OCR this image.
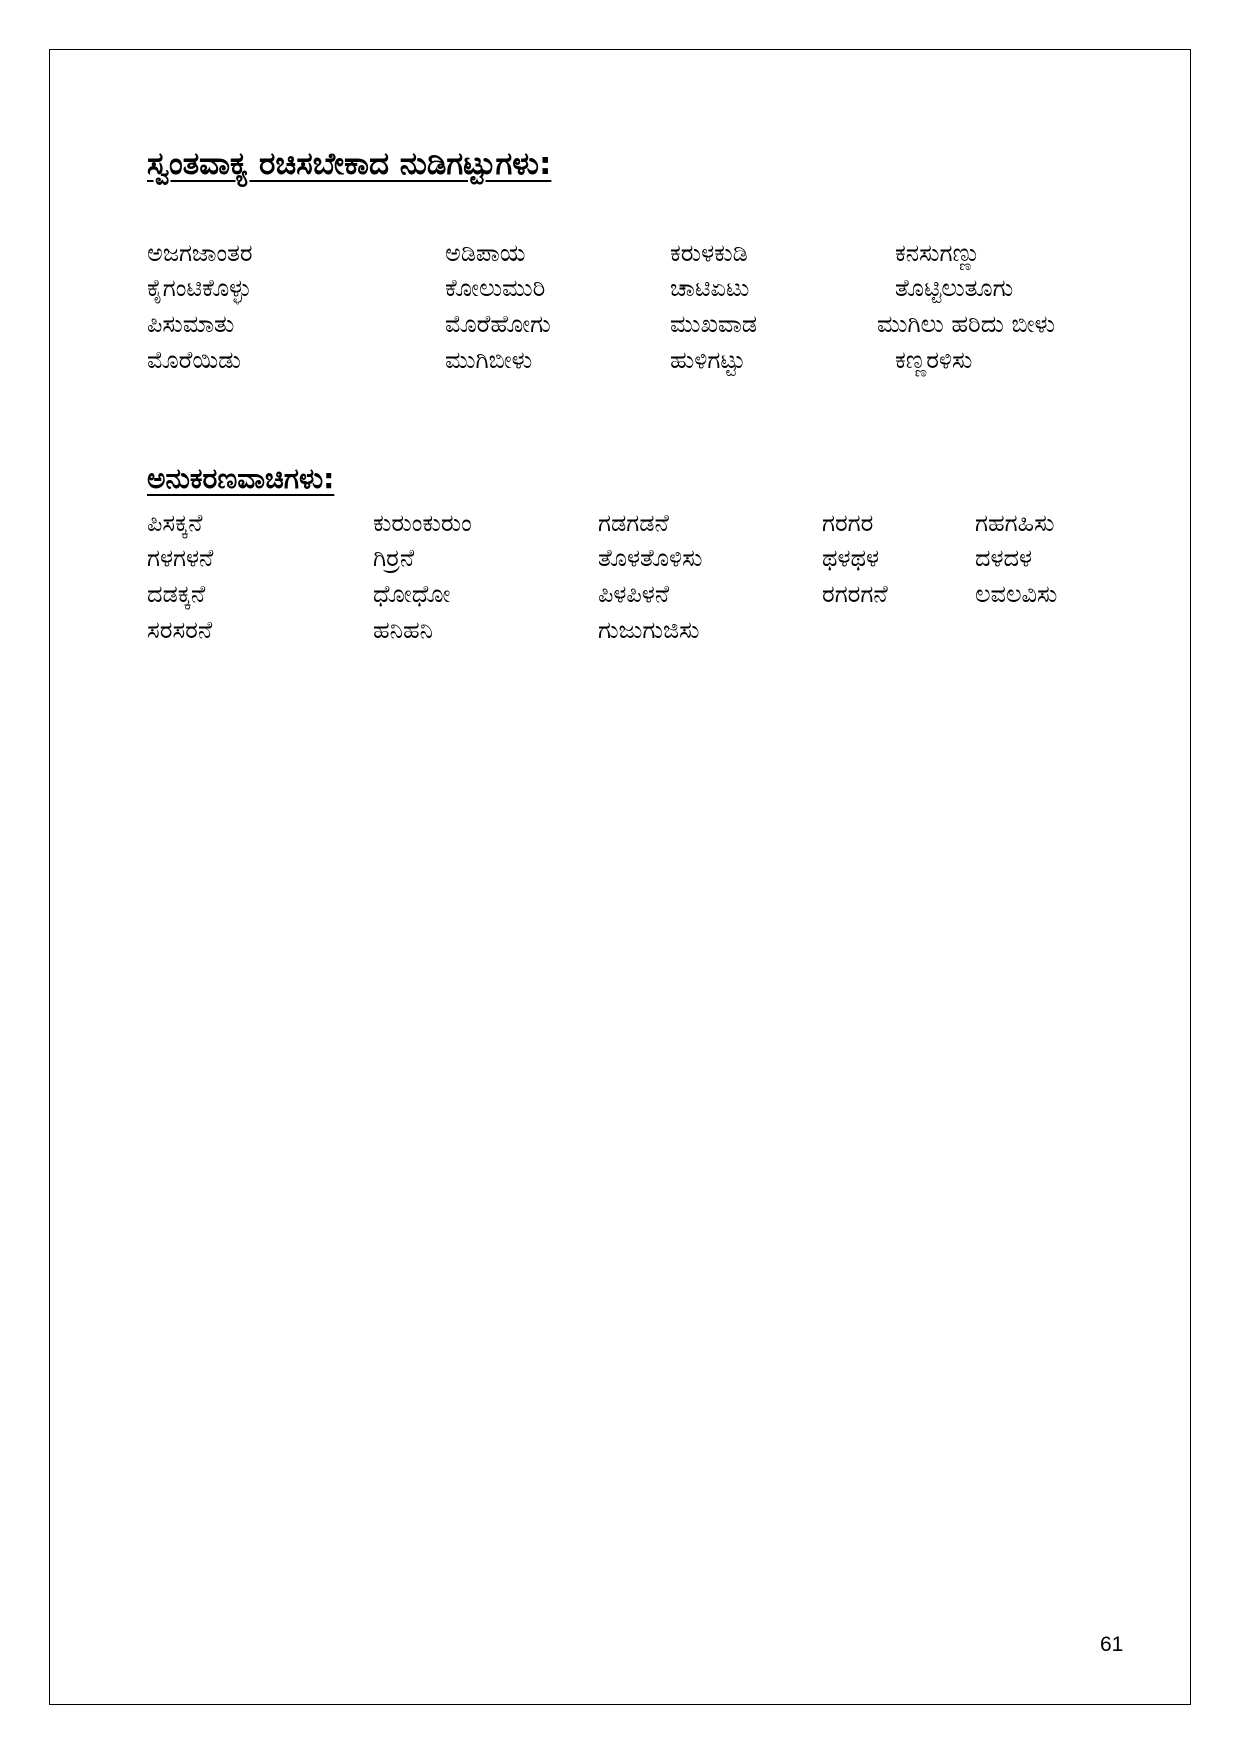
ಸ್ವಂತವಾಕ್ಯ ರಚಿಸಬೇಕಾದ ನುಡಿಗಟ್ಟುಗಳು:
ಅಜಗಜಾಂತರ	ಅಡಿಪಾಯ	ಕರುಳಕುಡಿ	ಕನಸುಗಣ್ಣು
ಕೈಗಂಟಿಕೊಳ್ಳು	ಕೋಲುಮುರಿ	ಚಾಟಿಏಟು	ತೊಟ್ಟಿಲುತೂಗು
ಪಿಸುಮಾತು	ಮೊರೆಹೋಗು	ಮುಖವಾಡ	ಮುಗಿಲು ಹರಿದು ಬೀಳು
ಮೊರೆಯಿಡು	ಮುಗಿಬೀಳು	ಹುಳಿಗಟ್ಟು	ಕಣ್ಣರಳಿಸು
ಅನುಕರಣವಾಚಿಗಳು:
ಪಿಸಕ್ಕನೆ	ಕುರುಂಕುರುಂ	ಗಡಗಡನೆ	ಗರಗರ	ಗಹಗಹಿಸು
ಗಳಗಳನೆ	ಗಿರ್ರನೆ	ತೊಳತೊಳಿಸು	ಥಳಥಳ	ದಳದಳ
ದಡಕ್ಕನೆ	ಧೋಧೋ	ಪಿಳಪಿಳನೆ	ರಗರಗನೆ	ಲವಲವಿಸು
ಸರಸರನೆ	ಹನಿಹನಿ	ಗುಜುಗುಜಿಸು
61
